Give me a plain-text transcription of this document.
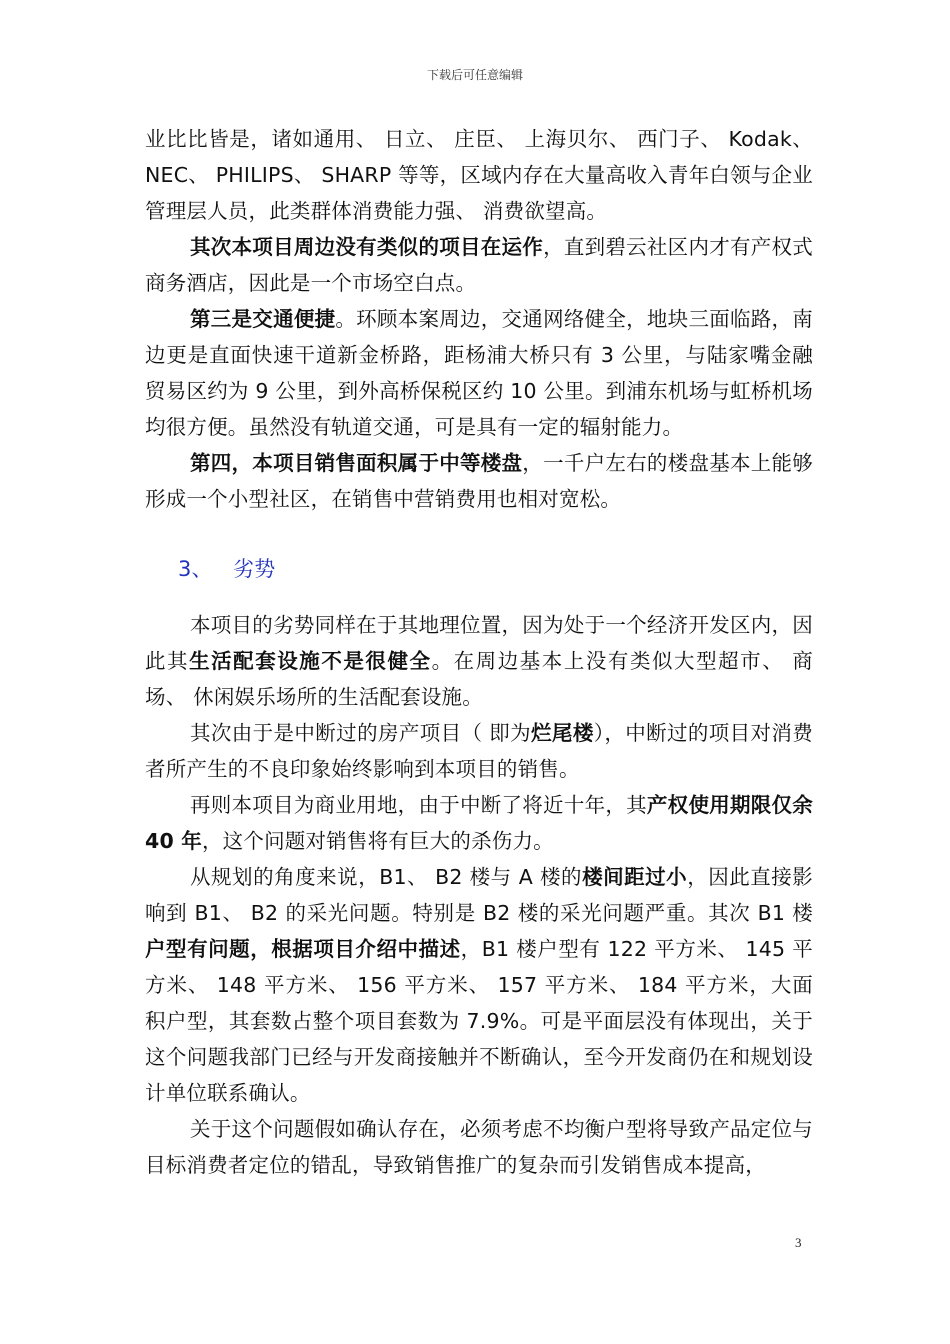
下载后可任意编辑

业比比皆是，诸如通用、 日立、 庄臣、 上海贝尔、 西门子、 Kodak、 NEC、 PHILIPS、 SHARP 等等，区域内存在大量高收入青年白领与企业管理层人员，此类群体消费能力强、 消费欲望高。

其次本项目周边没有类似的项目在运作，直到碧云社区内才有产权式商务酒店，因此是一个市场空白点。

第三是交通便捷。环顾本案周边，交通网络健全，地块三面临路，南边更是直面快速干道新金桥路，距杨浦大桥只有 3 公里，与陆家嘴金融贸易区约为 9 公里，到外高桥保税区约 10 公里。到浦东机场与虹桥机场均很方便。虽然没有轨道交通，可是具有一定的辐射能力。

第四，本项目销售面积属于中等楼盘，一千户左右的楼盘基本上能够形成一个小型社区，在销售中营销费用也相对宽松。

3、 劣势

本项目的劣势同样在于其地理位置，因为处于一个经济开发区内，因此其生活配套设施不是很健全。在周边基本上没有类似大型超市、 商场、 休闲娱乐场所的生活配套设施。

其次由于是中断过的房产项目（ 即为烂尾楼），中断过的项目对消费者所产生的不良印象始终影响到本项目的销售。

再则本项目为商业用地，由于中断了将近十年，其产权使用期限仅余 40 年，这个问题对销售将有巨大的杀伤力。

从规划的角度来说，B1、 B2 楼与 A 楼的楼间距过小，因此直接影响到 B1、 B2 的采光问题。特别是 B2 楼的采光问题严重。其次 B1 楼户型有问题，根据项目介绍中描述，B1 楼户型有 122 平方米、 145 平方米、 148 平方米、 156 平方米、 157 平方米、 184 平方米，大面积户型，其套数占整个项目套数为 7.9%。可是平面层没有体现出，关于这个问题我部门已经与开发商接触并不断确认，至今开发商仍在和规划设计单位联系确认。

关于这个问题假如确认存在，必须考虑不均衡户型将导致产品定位与目标消费者定位的错乱，导致销售推广的复杂而引发销售成本提高，

3
